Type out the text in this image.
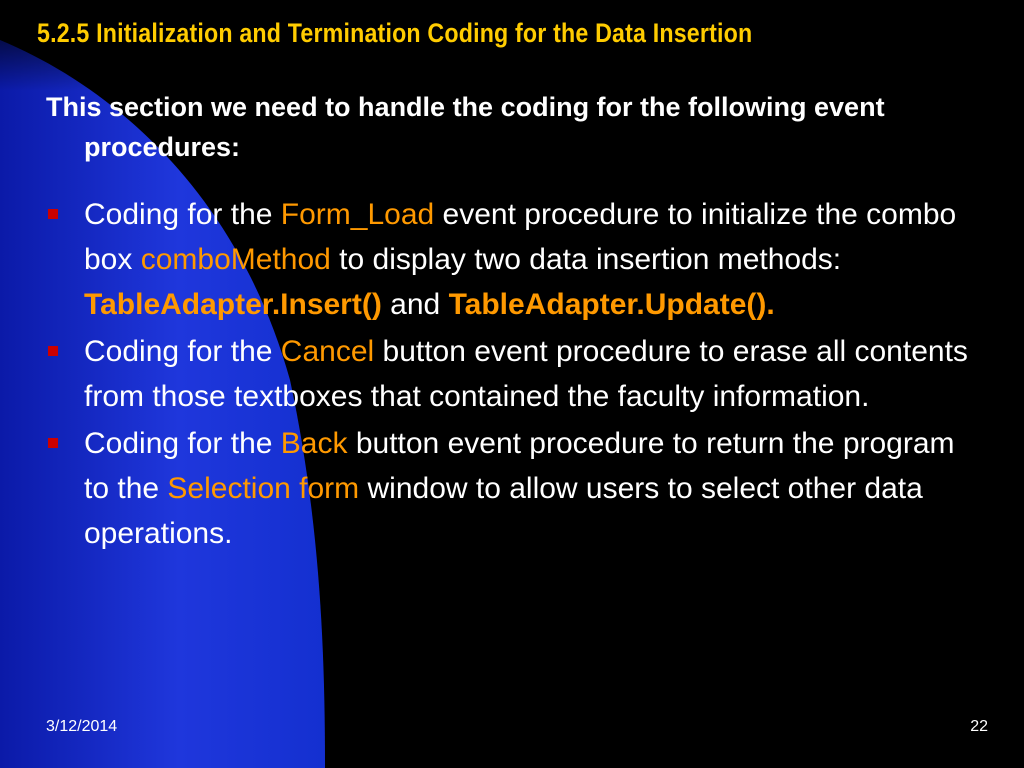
5.2.5 Initialization and Termination Coding for the Data Insertion

This section we need to handle the coding for the following event procedures:

Coding for the Form_Load event procedure to initialize the combo box comboMethod to display two data insertion methods: TableAdapter.Insert() and TableAdapter.Update().
Coding for the Cancel button event procedure to erase all contents from those textboxes that contained the faculty information.
Coding for the Back button event procedure to return the program to the Selection form window to allow users to select other data operations.
3/12/2014	22
